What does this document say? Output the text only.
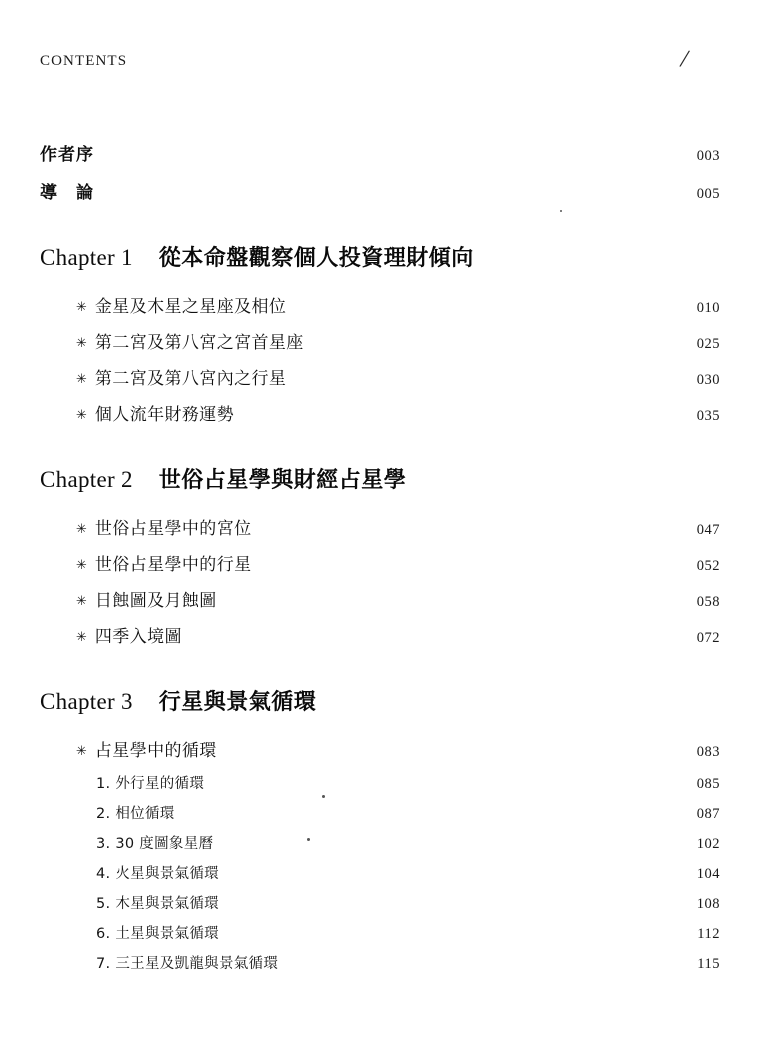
CONTENTS	/
作者序	003
導　論	005
Chapter 1 從本命盤觀察個人投資理財傾向
✳ 金星及木星之星座及相位	010
✳ 第二宮及第八宮之宮首星座	025
✳ 第二宮及第八宮內之行星	030
✳ 個人流年財務運勢	035
Chapter 2 世俗占星學與財經占星學
✳ 世俗占星學中的宮位	047
✳ 世俗占星學中的行星	052
✳ 日蝕圖及月蝕圖	058
✳ 四季入境圖	072
Chapter 3 行星與景氣循環
✳ 占星學中的循環	083
1. 外行星的循環	085
2. 相位循環	087
3. 30 度圖象星曆	102
4. 火星與景氣循環	104
5. 木星與景氣循環	108
6. 土星與景氣循環	112
7. 三王星及凱龍與景氣循環	115
